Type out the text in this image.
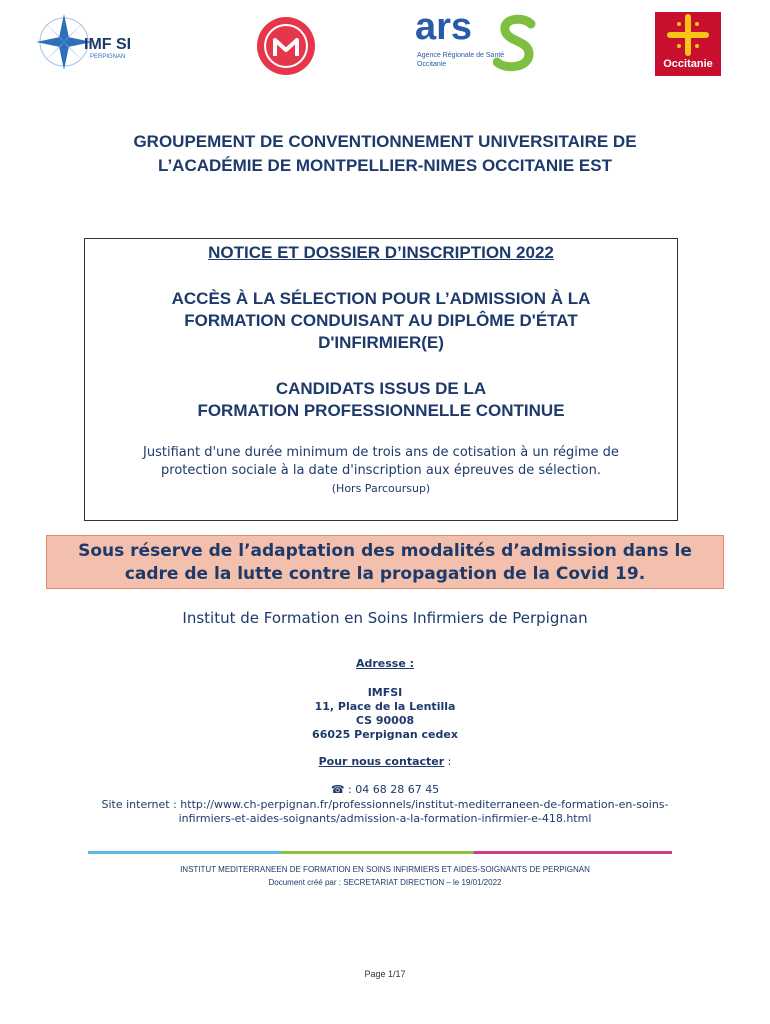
IMF SI
PERPIGNAN
ars
Agence Régionale de Santé
Occitanie	Occitanie
GROUPEMENT DE CONVENTIONNEMENT UNIVERSITAIRE DE
L’ACADÉMIE DE MONTPELLIER-NIMES OCCITANIE EST
NOTICE ET DOSSIER D’INSCRIPTION 2022
ACCÈS À LA SÉLECTION POUR L’ADMISSION À LA
FORMATION CONDUISANT AU DIPLÔME D'ÉTAT
D'INFIRMIER(E)
CANDIDATS ISSUS DE LA
FORMATION PROFESSIONNELLE CONTINUE
Justifiant d'une durée minimum de trois ans de cotisation à un régime de
protection sociale à la date d'inscription aux épreuves de sélection.
(Hors Parcoursup)
Sous réserve de l’adaptation des modalités d’admission dans le
cadre de la lutte contre la propagation de la Covid 19.
Institut de Formation en Soins Infirmiers de Perpignan
Adresse :
IMFSI
11, Place de la Lentilla
CS 90008
66025 Perpignan cedex
Pour nous contacter :
☎ : 04 68 28 67 45
Site internet : http://www.ch-perpignan.fr/professionnels/institut-mediterraneen-de-formation-en-soins-
infirmiers-et-aides-soignants/admission-a-la-formation-infirmier-e-418.html
INSTITUT MEDITERRANEEN DE FORMATION EN SOINS INFIRMIERS ET AIDES-SOIGNANTS DE PERPIGNAN
Document créé par : SECRETARIAT DIRECTION – le 19/01/2022
Page 1/17
